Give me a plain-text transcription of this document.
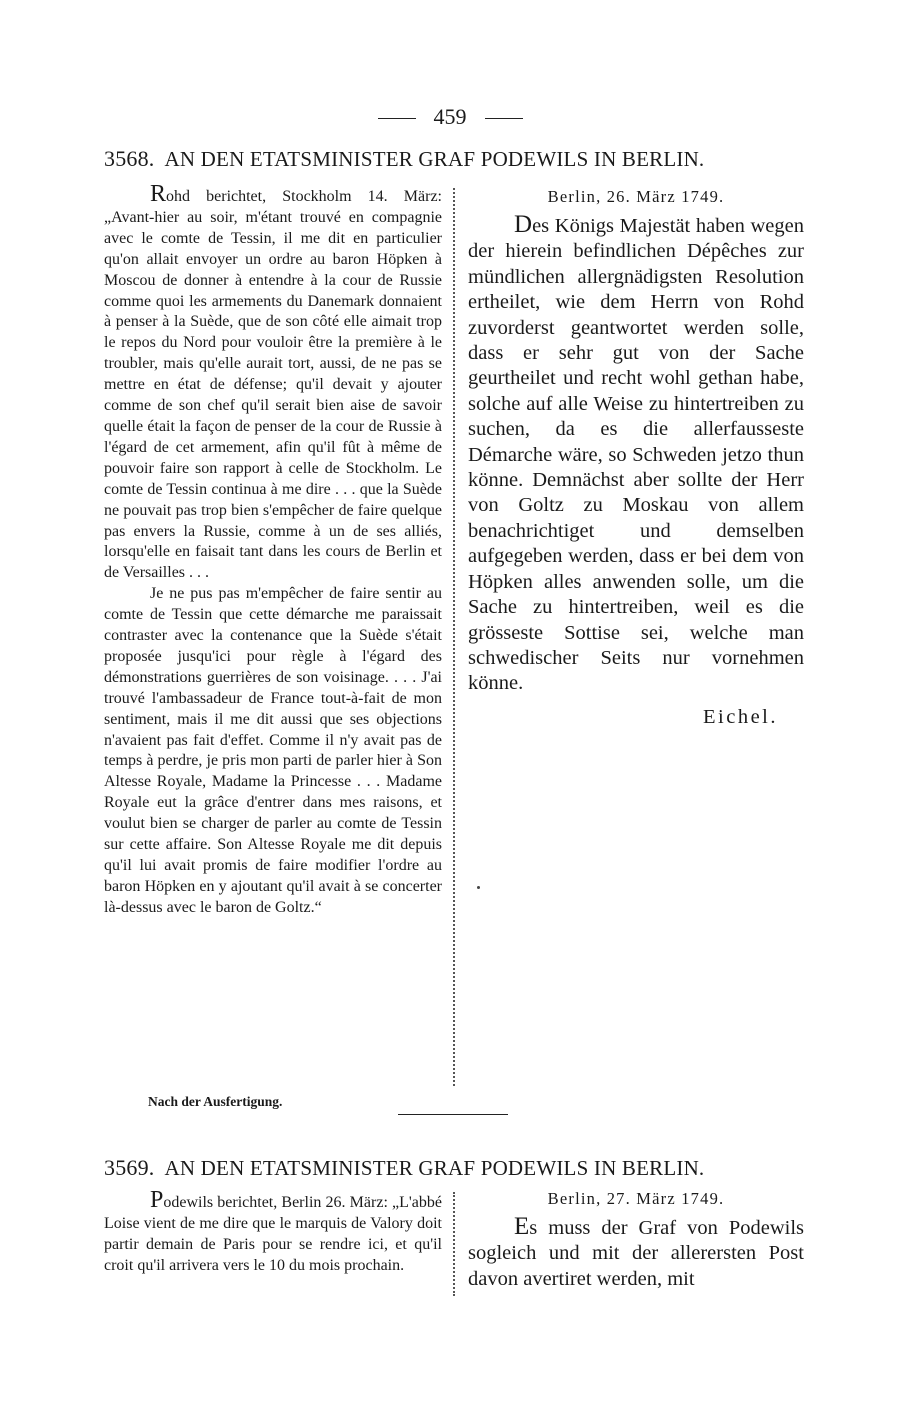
459
3568. AN DEN ETATSMINISTER GRAF PODEWILS IN BERLIN.

Rohd berichtet, Stockholm 14. März: „Avant-hier au soir, m'étant trouvé en compagnie avec le comte de Tessin, il me dit en particulier qu'on allait envoyer un ordre au baron Höpken à Moscou de donner à entendre à la cour de Russie comme quoi les armements du Danemark donnaient à penser à la Suède, que de son côté elle aimait trop le repos du Nord pour vouloir être la première à le troubler, mais qu'elle aurait tort, aussi, de ne pas se mettre en état de défense; qu'il devait y ajouter comme de son chef qu'il serait bien aise de savoir quelle était la façon de penser de la cour de Russie à l'égard de cet armement, afin qu'il fût à même de pouvoir faire son rapport à celle de Stockholm. Le comte de Tessin continua à me dire . . . que la Suède ne pouvait pas trop bien s'empêcher de faire quelque pas envers la Russie, comme à un de ses alliés, lorsqu'elle en faisait tant dans les cours de Berlin et de Versailles . . .

Je ne pus pas m'empêcher de faire sentir au comte de Tessin que cette démarche me paraissait contraster avec la contenance que la Suède s'était proposée jusqu'ici pour règle à l'égard des démonstrations guerrières de son voisinage. . . . J'ai trouvé l'ambassadeur de France tout-à-fait de mon sentiment, mais il me dit aussi que ses objections n'avaient pas fait d'effet. Comme il n'y avait pas de temps à perdre, je pris mon parti de parler hier à Son Altesse Royale, Madame la Princesse . . . Madame Royale eut la grâce d'entrer dans mes raisons, et voulut bien se charger de parler au comte de Tessin sur cette affaire. Son Altesse Royale me dit depuis qu'il lui avait promis de faire modifier l'ordre au baron Höpken en y ajoutant qu'il avait à se concerter là-dessus avec le baron de Goltz.“

Nach der Ausfertigung.

Berlin, 26. März 1749.

Des Königs Majestät haben wegen der hierein befindlichen Dépêches zur mündlichen allergnädigsten Resolution ertheilet, wie dem Herrn von Rohd zuvorderst geantwortet werden solle, dass er sehr gut von der Sache geurtheilet und recht wohl gethan habe, solche auf alle Weise zu hintertreiben zu suchen, da es die allerfausseste Démarche wäre, so Schweden jetzo thun könne. Demnächst aber sollte der Herr von Goltz zu Moskau von allem benachrichtiget und demselben aufgegeben werden, dass er bei dem von Höpken alles anwenden solle, um die Sache zu hintertreiben, weil es die grösseste Sottise sei, welche man schwedischer Seits nur vornehmen könne.

Eichel.

3569. AN DEN ETATSMINISTER GRAF PODEWILS IN BERLIN.

Podewils berichtet, Berlin 26. März: „L'abbé Loise vient de me dire que le marquis de Valory doit partir demain de Paris pour se rendre ici, et qu'il croit qu'il arrivera vers le 10 du mois prochain.

Berlin, 27. März 1749.

Es muss der Graf von Podewils sogleich und mit der allerersten Post davon avertiret werden, mit
